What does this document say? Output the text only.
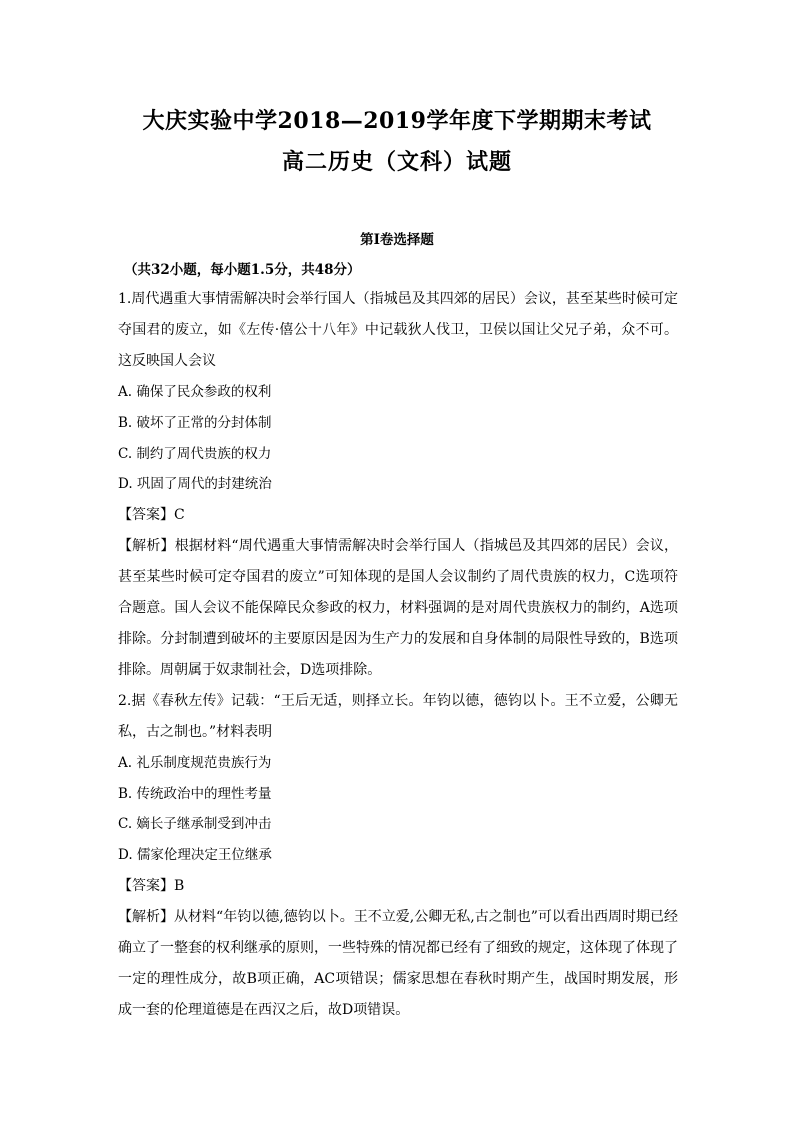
大庆实验中学2018—2019学年度下学期期末考试
高二历史（文科）试题
第Ⅰ卷选择题

（共32小题，每小题1.5分，共48分）

1.周代遇重大事情需解决时会举行国人（指城邑及其四郊的居民）会议，甚至某些时候可定夺国君的废立，如《左传·僖公十八年》中记载狄人伐卫，卫侯以国让父兄子弟，众不可。这反映国人会议

A. 确保了民众参政的权利

B. 破坏了正常的分封体制

C. 制约了周代贵族的权力

D. 巩固了周代的封建统治

【答案】C

【解析】根据材料“周代遇重大事情需解决时会举行国人（指城邑及其四郊的居民）会议，甚至某些时候可定夺国君的废立”可知体现的是国人会议制约了周代贵族的权力，C选项符合题意。国人会议不能保障民众参政的权力，材料强调的是对周代贵族权力的制约，A选项排除。分封制遭到破坏的主要原因是因为生产力的发展和自身体制的局限性导致的，B选项排除。周朝属于奴隶制社会，D选项排除。

2.据《春秋左传》记载：“王后无适，则择立长。年钧以德，德钧以卜。王不立爱，公卿无私，古之制也。”材料表明

A. 礼乐制度规范贵族行为

B. 传统政治中的理性考量

C. 嫡长子继承制受到冲击

D. 儒家伦理决定王位继承

【答案】B

【解析】从材料“年钧以德,德钧以卜。王不立爱,公卿无私,古之制也”可以看出西周时期已经确立了一整套的权利继承的原则，一些特殊的情况都已经有了细致的规定，这体现了体现了一定的理性成分，故B项正确，AC项错误；儒家思想在春秋时期产生，战国时期发展，形成一套的伦理道德是在西汉之后，故D项错误。
